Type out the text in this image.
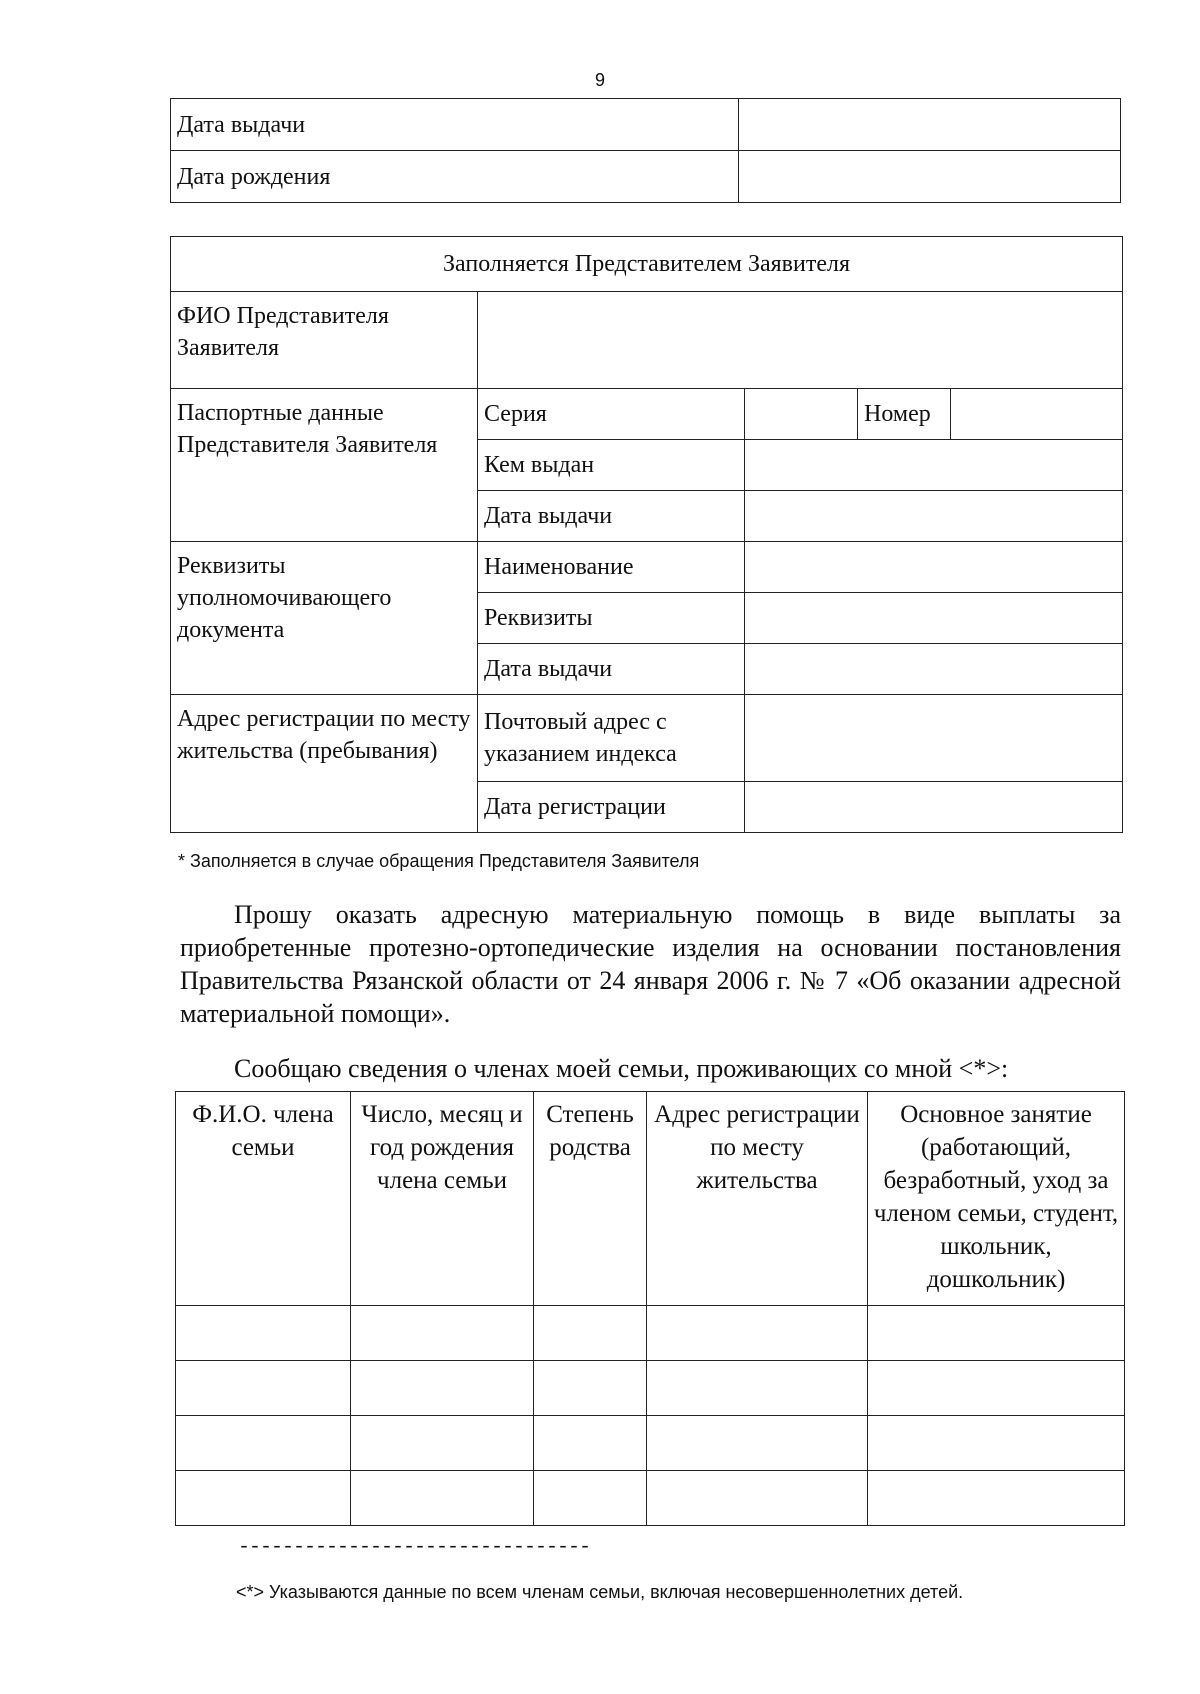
9
Дата выдачи	
Дата рождения	
Заполняется Представителем Заявителя				
ФИО Представителя Заявителя				
Паспортные данные Представителя Заявителя	Серия		Номер	
	Кем выдан			
	Дата выдачи			
Реквизиты уполномочивающего документа	Наименование			
	Реквизиты			
	Дата выдачи			
Адрес регистрации по месту жительства (пребывания)	Почтовый адрес с указанием индекса			
	Дата регистрации			
* Заполняется в случае обращения Представителя Заявителя

Прошу оказать адресную материальную помощь в виде выплаты за приобретенные протезно-ортопедические изделия на основании постановления Правительства Рязанской области от 24 января 2006 г. № 7 «Об оказании адресной материальной помощи».

Сообщаю сведения о членах моей семьи, проживающих со мной <*>:

Ф.И.О. члена семьи	Число, месяц и год рождения члена семьи	Степень родства	Адрес регистрации по месту жительства	Основное занятие (работающий, безработный, уход за членом семьи, студент, школьник, дошкольник)

--------------------------------
<*> Указываются данные по всем членам семьи, включая несовершеннолетних детей.
